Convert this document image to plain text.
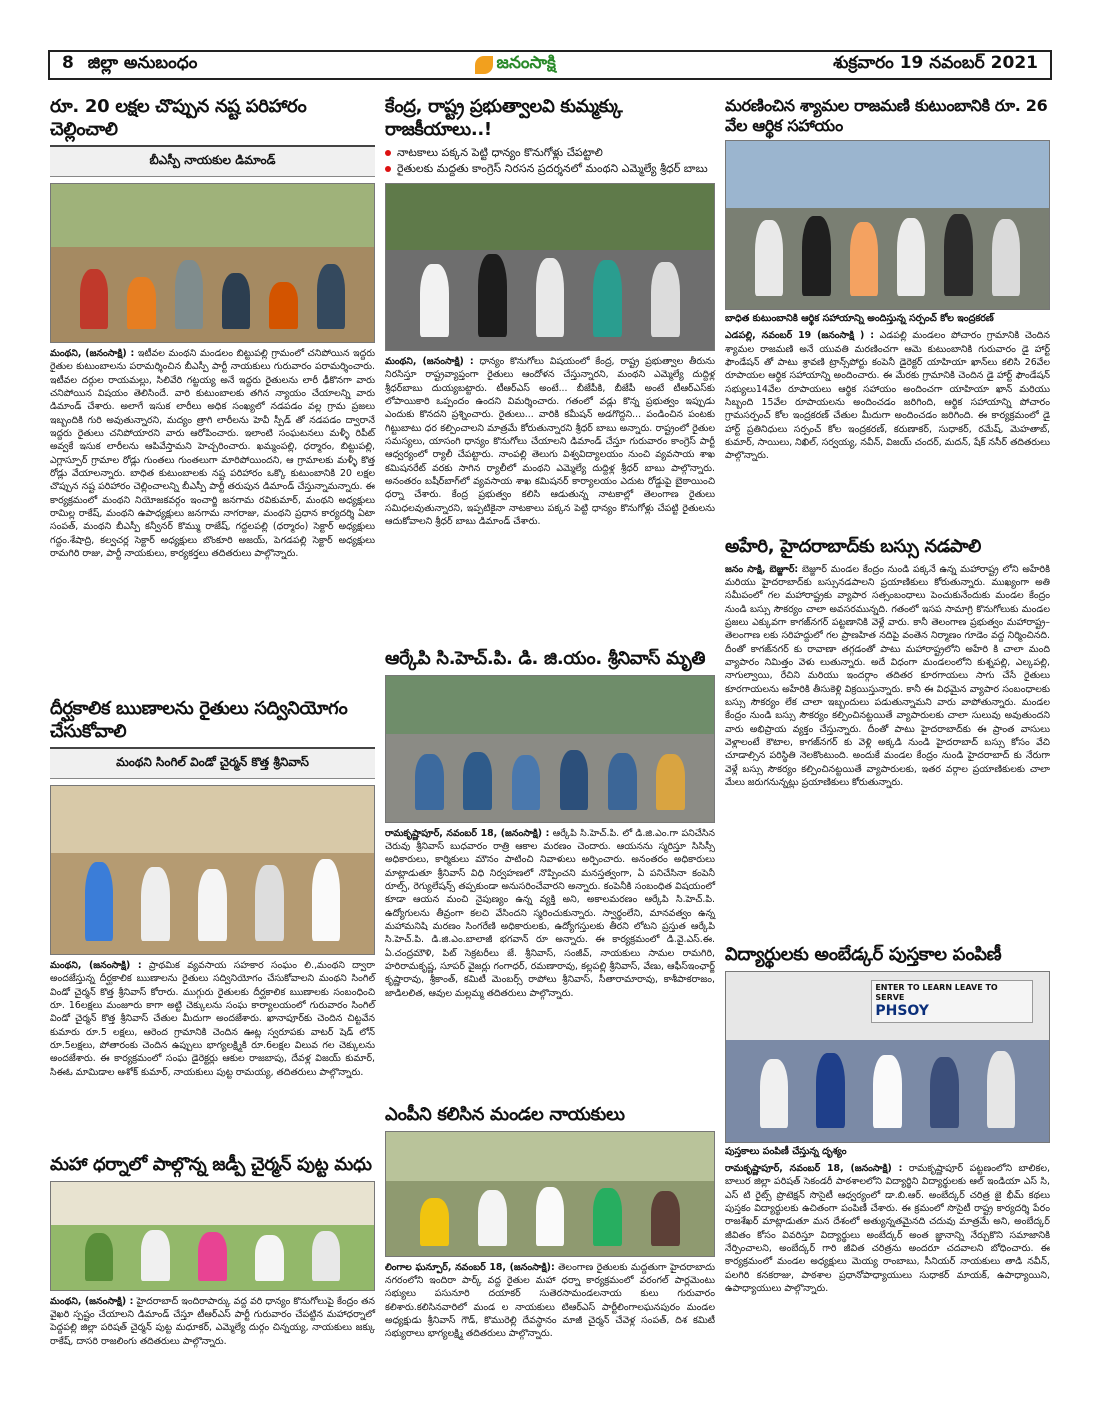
8 జిల్లా అనుబంధం	జనంసాక్షి	శుక్రవారం 19 నవంబర్ 2021
రూ. 20 లక్షల చొప్పున నష్ట పరిహారం చెల్లించాలి
బీఎస్పీ నాయకుల డిమాండ్
మంథని, (జనంసాక్షి) : ఇటీవల మంథని మండలం బిట్టుపల్లి గ్రామంలో చనిపోయిన ఇద్దరు రైతుల కుటుంబాలను పరామర్శించిన బీఎస్పీ పార్టీ నాయకులు గురువారం పరామర్శించారు. ఇటీవల దర్గుల రాయమల్లు, సిలివేరి గట్టయ్య అనే ఇద్దరు రైతులను లారీ ఢీకొనగా వారు చనిపోయిన విషయం తెలిసిందే. వారి కుటుంబాలకు తగిన న్యాయం చేయాలన్ని వారు డిమాండ్ చేశారు. అలాగే ఇసుక లారీలు అధిక సంఖ్యలో నడపడం వల్ల గ్రామ ప్రజలు ఇబ్బందికి గురి అవుతున్నారని, మద్యం త్రాగి లారీలను హెవీ స్పీడ్ తో నడపడం ద్వారానే ఇద్దరు రైతులు చనిపోయారని వారు ఆరోపించారు. ఇలాంటి సంఘటనలు మళ్ళీ రిపీట్ అవ్వకే ఇసుక లారీలను ఆపివేస్తామని హెచ్చరించారు. ఖమ్మంపల్లి, ధర్మారం, బిట్టుపల్లి, ఎగ్లాస్పూర్ గ్రామాల రోడ్లు గుంతలు గుంతలుగా మారిపోయిందని, ఆ గ్రామాలకు మళ్ళీ కొత్త రోడ్లు వేయాలన్నారు. బాధిత కుటుంబాలకు నష్ట పరిహారం ఒక్కొ కుటుంబానికి 20 లక్షల చొప్పున నష్ట పరిహారం చెల్లించాలన్ని బీఎస్పీ పార్టీ తరుపున డిమాండ్ చేస్తున్నామన్నారు. ఈ కార్యక్రమంలో మంథని నియోజకవర్గం ఇంచార్జి జనగామ రవికుమార్, మంథని అధ్యక్షులు రామిల్ల రాకేష్, మంథని ఉపాధ్యక్షులు జనగామ నాగరాజు, మంథని ప్రధాన కార్యదర్శి ఏటా సంపత్, మంథని బీఎస్పీ కన్వీనర్ కొమ్ము రాజేష్, గద్దలపల్లి (ధర్మారం) సెక్టార్ అధ్యక్షులు గద్దం.శేషాద్రి, కల్వచర్ల సెక్టార్ అధ్యక్షులు బొంకూరి అజయ్, పెగడపల్లి సెక్టార్ అధ్యక్షులు రామగిరి రాజు, పార్టీ నాయకులు, కార్యకర్తలు తదితరులు పాల్గొన్నారు.
దీర్ఘకాలిక ఋణాలను రైతులు సద్వినియోగం చేసుకోవాలి
మంథని సింగిల్ విండో చైర్మన్ కొత్త శ్రీనివాస్
మంథని, (జనంసాక్షి) : ప్రాథమిక వ్యవసాయ సహకార సంఘం లి.,మంథని ద్వారా అందజేస్తున్న దీర్ఘకాలిక ఋణాలను రైతులు సద్వినియోగం చేసుకోవాలని మంథని సింగిల్ విండో చైర్మన్ కొత్త శ్రీనివాస్ కోరారు. ముగ్గురు రైతులకు దీర్ఘకాలిక ఋణాలకు సంబంధించి రూ. 16లక్షలు మంజూరు కాగా అట్టి చెక్కులను సంఘ కార్యాలయంలో గురువారం సింగిల్ విండో చైర్మన్ కొత్త శ్రీనివాస్ చేతుల మీదుగా అందజేశారు. ఖానాపూర్‌కు చెందిన చిట్టవేన కుమారు రూ.5 లక్షలు, ఆరెంద గ్రామానికి చెందిన ఊట్ల స్వరూపకు వాటర్ షెడ్ లోన్ రూ.5లక్షలు, పోతారంకు చెందిన ఉప్పులు భాగ్యలక్ష్మికి రూ.6లక్షల విలువ గల చెక్కులను అందజేశారు. ఈ కార్యక్రమంలో సంఘ డైరెక్టర్లు ఆకుల రాజబాపు, దేవళ్ల విజయ్ కుమార్, సిఈఓ మామిడాల ఆశోక్ కుమార్, నాయకులు పుట్ట రామయ్య, తదితరులు పాల్గొన్నారు.
మహా ధర్నాలో పాల్గొన్న జడ్పీ చైర్మన్ పుట్ట మధు
మంథని, (జనంసాక్షి) : హైదరాబాద్ ఇందిరాపార్కు వద్ద వరి ధాన్యం కొనుగోలుపై కేంద్రం తన వైఖరి స్పష్టం చేయాలని డిమాండ్ చేస్తూ టీఆర్ఎస్ పార్టీ గురువారం చేపట్టిన మహాధర్నాలో పెద్దపల్లి జిల్లా పరిషత్ చైర్మన్ పుట్ట మధూకర్, ఎమ్మెల్యే దుర్గం చిన్నయ్య, నాయకులు జక్కు రాకేష్, దాసరి రాజలింగు తదితరులు పాల్గొన్నారు.
కేంద్ర, రాష్ట్ర ప్రభుత్వాలవి కుమ్మక్కు రాజకీయాలు..!
నాటకాలు పక్కన పెట్టి ధాన్యం కొనుగోళ్లు చేపట్టాలి
రైతులకు మద్దతు కాంగ్రెస్ నిరసన ప్రదర్శనలో మంథని ఎమ్మెల్యే శ్రీధర్ బాబు
మంథని, (జనంసాక్షి) : ధాన్యం కొనుగోలు విషయంలో కేంద్ర, రాష్ట్ర ప్రభుత్వాల తీరును నిరసిస్తూ రాష్ట్రవ్యాప్తంగా రైతులు ఆందోళన చేస్తున్నారని, మంథని ఎమ్మెల్యే దుద్దిళ్ల శ్రీధర్‌బాబు దుయ్యబట్టారు. టీఆర్ఎస్ అంటే... బీజేపీకి, బీజేపీ అంటే టీఆర్ఎస్‌కు లోపాయికారి ఒప్పందం ఉందని విమర్శించారు. గతంలో వడ్లు కొన్న ప్రభుత్వం ఇప్పుడు ఎందుకు కొనదని ప్రశ్నించారు. రైతులు... వారికి కమీషన్ అడగొద్దని... పండించిన పంటకు గిట్టుబాటు ధర కల్పించాలని మాత్రమే కోరుతున్నారని శ్రీధర్ బాబు అన్నారు. రాష్ట్రంలో రైతుల సమస్యలు, యాసంగి ధాన్యం కొనుగోలు చేయాలని డిమాండ్ చేస్తూ గురువారం కాంగ్రెస్ పార్టీ ఆధ్వర్యంలో ర్యాలీ చేపట్టారు. నాంపల్లి తెలుగు విశ్వవిద్యాలయం నుంచి వ్యవసాయ శాఖ కమిషనరేట్ వరకు సాగిన ర్యాలీలో మంథని ఎమ్మెల్యే దుద్దిళ్ల శ్రీధర్ బాబు పాల్గొన్నారు. అనంతరం బషీర్‌బాగ్‌లో వ్యవసాయ శాఖ కమిషనర్ కార్యాలయం ఎదుట రోడ్డుపై బైఠాయించి ధర్నా చేశారు. కేంద్ర ప్రభుత్వం కలిసి ఆడుతున్న నాటకాల్లో తెలంగాణ రైతులు సమిధలవుతున్నారని, ఇప్పటికైనా నాటకాలు పక్కన పెట్టి ధాన్యం కొనుగోళ్లు చేపట్టి రైతులను ఆదుకోవాలని శ్రీధర్ బాబు డిమాండ్ చేశారు.
ఆర్కేపి సి.హెచ్.పి. డి. జి.యం. శ్రీనివాస్ మృతి
రామకృష్ణాపూర్, నవంబర్ 18, (జనంసాక్షి) : ఆర్కేపి సి.హెచ్.పి. లో డి.జి.ఎం.గా పనిచేసిన చెరువు శ్రీనివాస్ బుధవారం రాత్రి ఆకాల మరణం చెందారు. ఆయనను స్మరిస్తూ సిసిస్సీ అధికారులు, కార్మికులు మౌనం పాటించి నివాళులు అర్పించారు. అనంతరం అధికారులు మాట్లాడుతూ శ్రీనివాస్ విధి నిర్వహణలో నొప్పించని మనస్తత్వంగా, ఏ పనిచేసినా కంపెనీ రూల్స్, రెగ్యులేషన్స్ తప్పకుండా అనుసరించేవారని అన్నారు. కంపెనీకి సంబంధిత విషయంలో కూడా ఆయన మంచి నైపుణ్యం ఉన్న వ్యక్తి అని, అకాలమరణం ఆర్కేపి సి.హెచ్.పి. ఉద్యోగులను తీవ్రంగా కలచి వేసిందని స్మరించుకున్నారు. స్వార్థంలేని, మానవత్వం ఉన్న మహామనిషి మరణం సింగరేణి అధికారులకు, ఉద్యోగస్తులకు తీరని లోటని ప్రస్తుత ఆర్కేపి సి.హెచ్.పి. డి.జి.ఎం.బాలాజీ భగవాన్ రూ అన్నారు. ఈ కార్యక్రమంలో డి.వై.ఎస్.ఈ. ఏ.చంద్రమౌళి, పిట్ సెక్రటరీలు జే. శ్రీనివాస్, సంజీవ్, నాయకులు సామల రామగిరి, హరిరామకృష్ణ, సూపర్ వైజర్లు గంగాధర్, రమణారావు, కల్లపల్లి శ్రీనివాస్, వేణు, ఆఫీస్‌ఇంఛార్జ్ కృష్ణారావు, శ్రీకాంత్, కమిటీ మెంబర్స్ రాపోలు శ్రీనివాస్, సీతారామారావు, కాశీపాకరాజం, జాడిలలిత, ఆవుల మల్లమ్మ తదితరులు పాల్గొన్నారు.
ఎంపీని కలిసిన మండల నాయకులు
లింగాల ఘన్పూర్, నవంబర్ 18, (జనంసాక్షి): తెలంగాణ రైతులకు మద్దతుగా హైదరాబాదు నగరంలోని ఇందిరా పార్క్ వద్ద రైతుల మహా ధర్నా కార్యక్రమంలో వరంగల్ పార్లమెంటు సభ్యులు పసునూరి దయాకర్ సుతెరసామండలనాయ కులు గురువారం కలిశారు.కలిసినవారిలో మండ ల నాయకులు టిఆర్ఎస్ పార్టీలింగాలఘనపురం మండల అధ్యక్షుడు శ్రీనివాస్ గౌడ్, కొమురెల్లి దేవస్థానం మాజీ చైర్మన్ చేవెళ్ల సంపత్, దిశ కమిటీ సభ్యురాలు భాగ్యలక్ష్మి తదితరులు పాల్గొన్నారు.
మరణించిన శ్యామల రాజమణి కుటుంబానికి రూ. 26 వేల ఆర్థిక సహాయం
బాధిత కుటుంబానికి ఆర్థిక సహాయాన్ని అందిస్తున్న సర్పంచ్ కోల ఇంద్రకరణ్
ఎడపల్లి, నవంబర్ 19 (జనంసాక్షి ) : ఎడపల్లి మండలం పోచారం గ్రామానికి చెందిన శ్యామల రాజమణి అనే యువతి మరణించగా ఆమె కుటుంబానికి గురువారం డై హార్ట్ ఫౌండేషన్ తో పాటు శ్రావణి ట్రాన్స్‌పోర్టు కంపెనీ డైరెక్టర్ యాహియా ఖాన్‌లు కలిసి 26వేల రూపాయల ఆర్థిక సహాయాన్ని అందించారు. ఈ మేరకు గ్రామానికి చెందిన డై హార్ట్ ఫౌండేషన్ సభ్యులు14వేల రూపాయలు ఆర్థిక సహాయం అందించగా యాహియా ఖాన్ మరియు సిబ్బంది 15వేల రూపాయలను అందించడం జరిగింది, ఆర్థిక సహాయాన్ని పోచారం గ్రామసర్పంచ్ కోల ఇంద్రకరణ్ చేతుల మీదుగా అందించడం జరిగింది. ఈ కార్యక్రమంలో డై హార్ట్ ప్రతినిధులు సర్పంచ్ కోల ఇంద్రకరణ్, కరుణాకర్, సుధాకర్, రమేష్, మెహతాబ్, కుమార్, సాయిలు, నిఖిల్, సర్వయ్య, నవీన్, విజయ్ చందర్, మదన్, షేక్ నసీర్ తదితరులు పాల్గొన్నారు.
అహేరి, హైదరాబాద్‌కు బస్సు నడపాలి
జనం సాక్షి, బెజ్జూర్: బెజ్జూర్ మండల కేంద్రం నుండి పక్కనే ఉన్న మహారాష్ట్ర లోని అహేరికి మరియు హైదరాబాద్‌కు బస్సునడపాలని ప్రయాణికులు కోరుతున్నారు. ముఖ్యంగా అతి సమీపంలో గల మహారాష్ట్రకు వ్యాపార సత్సంబంధాలు పెంచుకునేందుకు మండల కేంద్రం నుండి బస్సు సౌకర్యం చాలా అవసరమున్నది. గతంలో ఇసప సామాగ్రి కొనుగోలుకు మండల ప్రజలు ఎక్కువగా కాగజ్‌నగర్ పట్టణానికి వెళ్లే వారు. కానీ తెలంగాణ ప్రభుత్వం మహారాష్ట్ర–తెలంగాణ లకు సరిహద్దులో గల ప్రాణహిత నదిపై వంతెన నిర్మాణం గూడెం వద్ద నిర్మించినది. దీంతో కాగజ్‌నగర్ కు రావాణా తగ్గడంతో పాటు మహారాష్ట్రలోని అహేరి కి చాలా మంది వ్యాపారం నిమిత్తం వెళు లుతున్నారు. అదే విధంగా మండలంలోని కుశ్నపల్లి, ఎల్కపల్లి, నాగుల్వాయి, రేచిని మరియు ఇందర్గాం తదితర కూరగాయలు సాగు చేసే రైతులు కూరగాయలను అహేరికి తీసుకెళ్లి విక్రయిస్తున్నారు. కానీ ఈ విధమైన వ్యాపార సంబంధాలకు బస్సు సౌకర్యం లేక చాలా ఇబ్బందులు పడుతున్నామని వారు వాపోతున్నారు. మండల కేంద్రం నుండి బస్సు సౌకర్యం కల్పించినట్టయితే వ్యాపారులకు చాలా సులువు అవుతుందని వారు అభిప్రాయ వ్యక్తం చేస్తున్నారు. దీంతో పాటు హైదరాబాద్‌కు ఈ ప్రాంత వాసులు వెళ్లాలంటే కౌటాల, కాగజ్‌నగర్ కు వెళ్లి అక్కడి నుండి హైదరాబాద్ బస్సు కోసం వేచి చూడాల్సిన పరిస్థితి నెలకొంటుంది. అందుకే మండల కేంద్రం నుండి హైదరాబాద్ కు నేరుగా వెళ్లే బస్సు సౌకర్యం కల్పించినట్టయితే వ్యాపారులకు, ఇతర వర్గాల ప్రయాణికులకు చాలా మేలు జరుగనున్నట్లు ప్రయాణికులు కోరుతున్నారు.
విద్యార్థులకు అంబేడ్కర్ పుస్తకాల పంపిణీ
ENTER TO LEARN LEAVE TO SERVE
PHSOY
పుస్తకాలు పంపిణీ చేస్తున్న దృశ్యం
రామకృష్ణాపూర్, నవంబర్ 18, (జనంసాక్షి) : రామకృష్ణాపూర్ పట్టణంలోని బాలికల, బాలుర జిల్లా పరిషత్ సెకండరీ పాఠశాలలోని విద్యార్థిని విద్యార్థులకు ఆల్ ఇండియా ఎస్ సి, ఎస్ టి రైట్స్ ప్రొటెక్షన్ సొసైటీ ఆధ్వర్యంలో డా.బి.ఆర్. అంబేద్కర్ చరిత్ర జై భీమ్ కథలు పుస్తకం విద్యార్థులకు ఉచితంగా పంపిణీ చేశారు. ఈ క్రమంలో సొసైటీ రాష్ట్ర కార్యదర్శి పేరం రాజశేఖర్ మాట్లాడుతూ మన దేశంలో అత్యున్నతమైనది చదువు మాత్రమే అని, అంబేద్కర్ జీవితం కోసం వివరిస్తూ విద్యార్థులు అంబేద్కర్ అంత జ్ఞానాన్ని నేర్చుకొని సమాజానికి నేర్పించాలని, అంబేద్కర్ గారి జీవిత చరిత్రను అందరూ చదవాలని బోధించారు. ఈ కార్యక్రమంలో మండల అధ్యక్షులు మెయ్య రాంబాబు, సీనియర్ నాయకులు తాడి నవీన్, పలగిరి కనకరాజు, పాఠశాల ప్రధానోపాధ్యాయులు సుధాకర్ మాయక్, ఉపాధ్యాయిని, ఉపాధ్యాయులు పాల్గొన్నారు.
